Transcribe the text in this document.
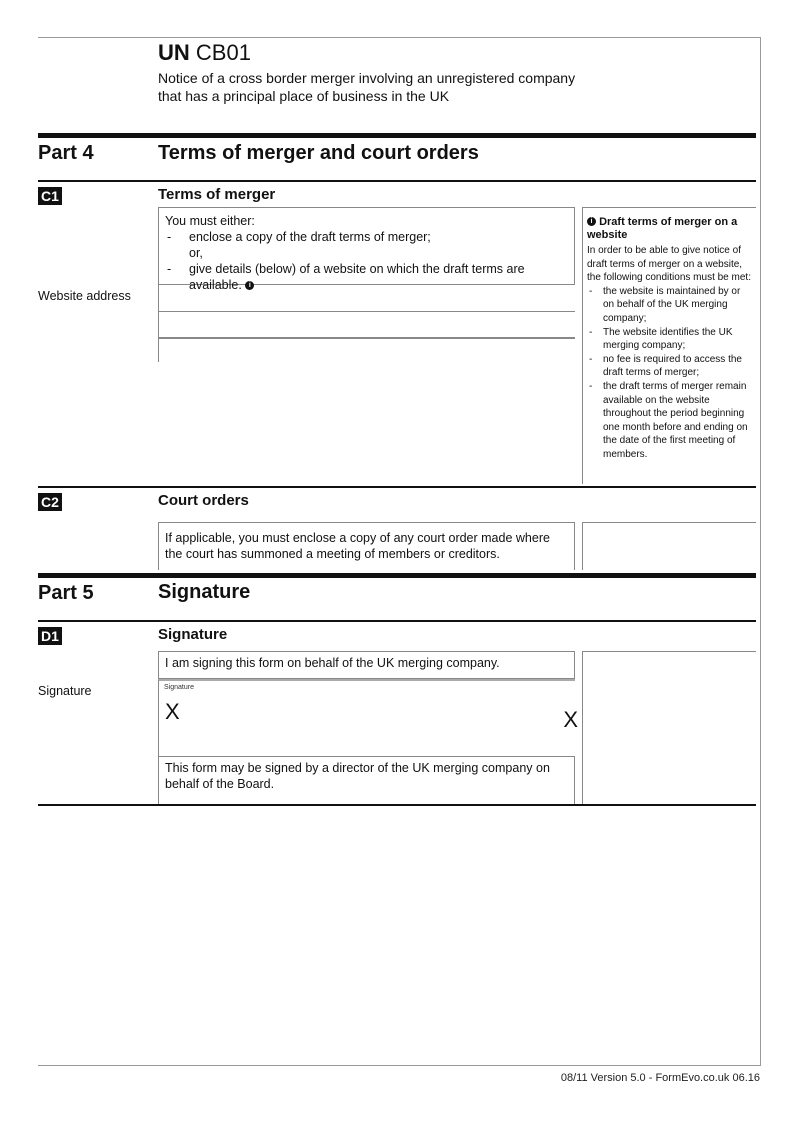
UN CB01
Notice of a cross border merger involving an unregistered company
that has a principal place of business in the UK
Part 4	Terms of merger and court orders
C1	Terms of merger
You must either:
- enclose a copy of the draft terms of merger;
or,
- give details (below) of a website on which the draft terms are available. i
Website address
i Draft terms of merger on a website
In order to be able to give notice of draft terms of merger on a website, the following conditions must be met:
- the website is maintained by or on behalf of the UK merging company;
- The website identifies the UK merging company;
- no fee is required to access the draft terms of merger;
- the draft terms of merger remain available on the website throughout the period beginning one month before and ending on the date of the first meeting of members.
C2	Court orders
If applicable, you must enclose a copy of any court order made where the court has summoned a meeting of members or creditors.
Part 5	Signature
D1	Signature
I am signing this form on behalf of the UK merging company.
Signature	Signature
X	X
This form may be signed by a director of the UK merging company on behalf of the Board.
08/11 Version 5.0 - FormEvo.co.uk 06.16
